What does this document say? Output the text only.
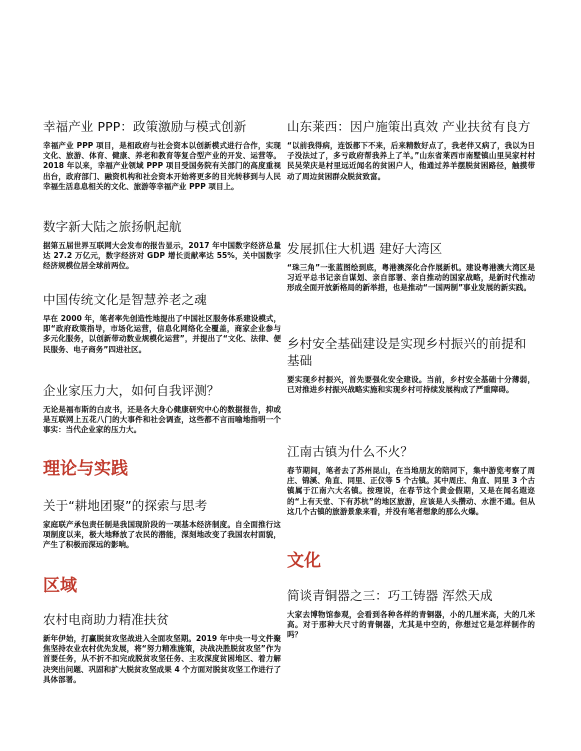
幸福产业 PPP：政策激励与模式创新

幸福产业 PPP 项目，是相政府与社会资本以创新模式进行合作，实现文化、旅游、体育、健康、养老和教育等复合型产业的开发、运营等。2018 年以来，幸福产业领域 PPP 项目受国务院有关部门的高度重视出台，政府部门、融资机构和社会资本开始将更多的目光转移到与人民幸福生活息息相关的文化、旅游等幸福产业 PPP 项目上。

数字新大陆之旅扬帆起航

据第五届世界互联网大会发布的报告显示，2017 年中国数字经济总量达 27.2 万亿元，数字经济对 GDP 增长贡献率达 55%，关中国数字经济规模位居全球前两位。

中国传统文化是智慧养老之魂

早在 2000 年，笔者率先创造性地提出了中国社区服务体系建设模式，即“政府政策指导，市场化运营，信息化网络化全覆盖，商家企业参与多元化服务，以创新带动数业规模化运营”，并提出了“文化、法律、便民服务、电子商务”四进社区。

企业家压力大，如何自我评测？

无论是福布斯的白皮书，还是各大身心健康研究中心的数据报告，抑或是互联网上五花八门的大事件和社会调查，这些都不言而喻地指明一个事实：当代企业家的压力大。

理论与实践
关于“耕地团聚”的探索与思考

家庭联产承包责任制是我国现阶段的一项基本经济制度。自全面推行这项制度以来，极大地释放了农民的潜能，深刻地改变了我国农村面貌，产生了积极而深远的影响。

区域
农村电商助力精准扶贫

新年伊始，打赢脱贫攻坚战进入全面攻坚期。2019 年中央一号文件聚焦坚持农业农村优先发展，将“努力精准施策，决战决胜脱贫攻坚”作为首要任务，从不折不扣完成脱贫攻坚任务、主攻深度贫困地区、着力解决突出问题、巩固和扩大脱贫攻坚成果 4 个方面对脱贫攻坚工作进行了具体部署。

山东莱西：因户施策出真效 产业扶贫有良方

“以前我得病，连饭都下不来，后来精数好点了，我老伴又病了，我以为日子没法过了，多亏政府帮我养上了羊。”山东省莱西市南墅镇山里吴家村村民吴荣庆是村里远近闻名的贫困户人，他通过养羊摆脱贫困路径，触摸带动了周边贫困群众脱贫致富。

发展抓住大机遇 建好大湾区

“珠三角”一张蓝图绘到底，粤港澳深化合作展新机。建设粤港澳大湾区是习近平总书记亲自谋划、亲自部署、亲自推动的国家战略，是新时代推动形成全面开放新格局的新举措，也是推动“一国两制”事业发展的新实践。

乡村安全基础建设是实现乡村振兴的前提和基础

要实现乡村振兴，首先要强化安全建设。当前，乡村安全基础十分薄弱，已对推进乡村振兴战略实施和实现乡村可持续发展构成了严重障碍。

江南古镇为什么不火？

春节期间，笔者去了苏州昆山，在当地朋友的陪同下，集中游览考察了周庄、锦溪、角直、同里、正仪等 5 个古镇。其中周庄、角直、同里 3 个古镇属于江南六大名镇。按理说，在春节这个黄金假期，又是在闻名遐迩的“上有天堂、下有苏杭”的地区旅游，应该是人头攒动、水泄不通。但从这几个古镇的旅游景象来看，并没有笔者想象的那么火爆。

文化
简谈青铜器之三：巧工铸器 浑然天成

大家去博物馆参观，会看到各种各样的青铜器，小的几厘米高，大的几米高。对于那种大尺寸的青铜器，尤其是中空的，你想过它是怎样制作的吗？
